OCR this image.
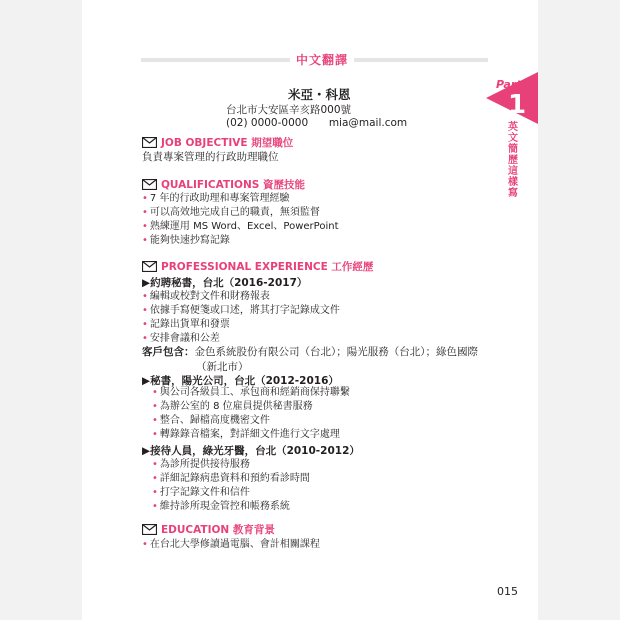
中文翻譯
米亞・科恩
台北市大安區辛亥路000號
(02) 0000-0000 mia@mail.com
JOB OBJECTIVE 期望職位
負責專案管理的行政助理職位
QUALIFICATIONS 資歷技能
• 7 年的行政助理和專案管理經驗
• 可以高效地完成自己的職責，無須監督
• 熟練運用 MS Word、Excel、PowerPoint
• 能夠快速抄寫記錄
PROFESSIONAL EXPERIENCE 工作經歷
▶約聘秘書，台北（2016-2017）
• 編輯或校對文件和財務報表
• 依據手寫便箋或口述，將其打字記錄成文件
• 記錄出貨單和發票
• 安排會議和公差
客戶包含：金色系統股份有限公司（台北）；陽光服務（台北）；綠色國際
（新北市）
▶秘書，陽光公司，台北（2012-2016）
• 與公司各級員工、承包商和經銷商保持聯繫
• 為辦公室的 8 位雇員提供秘書服務
• 整合、歸檔高度機密文件
• 轉錄錄音檔案，對詳細文件進行文字處理
▶接待人員，綠光牙醫，台北（2010-2012）
• 為診所提供接待服務
• 詳細記錄病患資料和預約看診時間
• 打字記錄文件和信件
• 維持診所現金管控和帳務系統
EDUCATION 教育背景
• 在台北大學修讀過電腦、會計相關課程
Part
1
英文簡歷這樣寫
015
